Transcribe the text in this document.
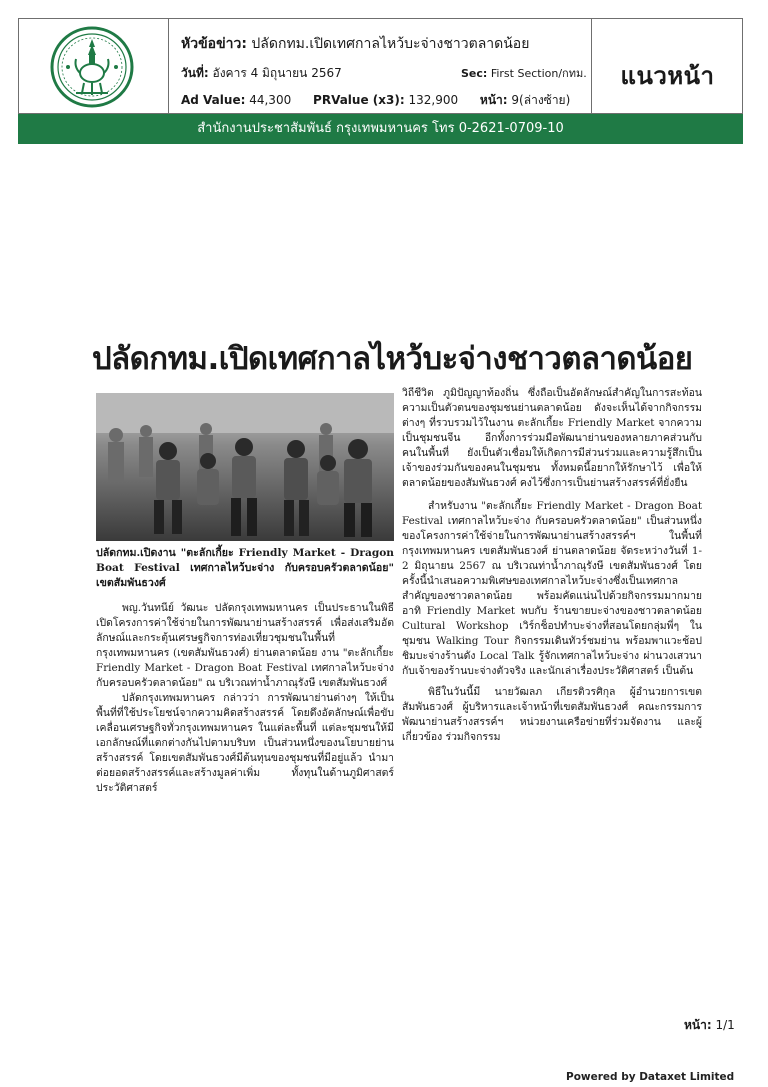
หัวข้อข่าว: ปลัดกทม.เปิดเทศกาลไหว้บะจ่างชาวตลาดน้อย
วันที่: อังคาร 4 มิถุนายน 2567	Sec: First Section/กทม.
Ad Value: 44,300 PRValue (x3): 132,900 หน้า: 9(ล่างซ้าย)
แนวหน้า
สำนักงานประชาสัมพันธ์ กรุงเทพมหานคร โทร 0-2621-0709-10
ปลัดกทม.เปิดเทศกาลไหว้บะจ่างชาวตลาดน้อย
ปลัดกทม.เปิดงาน "ตะลักเกี้ยะ Friendly Market - Dragon Boat Festival เทศกาลไหว้บะจ่าง กับครอบครัวตลาดน้อย" เขตสัมพันธวงศ์

พญ.วันทนีย์ วัฒนะ ปลัดกรุงเทพมหานคร เป็นประธานในพิธีเปิดโครงการค่าใช้จ่ายในการพัฒนาย่านสร้างสรรค์ เพื่อส่งเสริมอัตลักษณ์และกระตุ้นเศรษฐกิจการท่องเที่ยวชุมชนในพื้นที่กรุงเทพมหานคร (เขตสัมพันธวงศ์) ย่านตลาดน้อย งาน "ตะลักเกี้ยะ Friendly Market - Dragon Boat Festival เทศกาลไหว้บะจ่าง กับครอบครัวตลาดน้อย" ณ บริเวณท่าน้ำภาณุรังษี เขตสัมพันธวงศ์

ปลัดกรุงเทพมหานคร กล่าวว่า การพัฒนาย่านต่างๆ ให้เป็นพื้นที่ที่ใช้ประโยชน์จากความคิดสร้างสรรค์ โดยดึงอัตลักษณ์เพื่อขับเคลื่อนเศรษฐกิจทั่วกรุงเทพมหานคร ในแต่ละพื้นที่ แต่ละชุมชนให้มีเอกลักษณ์ที่แตกต่างกันไปตามบริบท เป็นส่วนหนึ่งของนโยบายย่านสร้างสรรค์ โดยเขตสัมพันธวงศ์มีต้นทุนของชุมชนที่มีอยู่แล้ว นำมาต่อยอดสร้างสรรค์และสร้างมูลค่าเพิ่ม ทั้งทุนในด้านภูมิศาสตร์ ประวัติศาสตร์

วิถีชีวิต ภูมิปัญญาท้องถิ่น ซึ่งถือเป็นอัตลักษณ์สำคัญในการสะท้อนความเป็นตัวตนของชุมชนย่านตลาดน้อย ดังจะเห็นได้จากกิจกรรมต่างๆ ที่รวบรวมไว้ในงาน ตะลักเกี้ยะ Friendly Market จากความเป็นชุมชนจีน อีกทั้งการร่วมมือพัฒนาย่านของหลายภาคส่วนกับคนในพื้นที่ ยังเป็นตัวเชื่อมให้เกิดการมีส่วนร่วมและความรู้สึกเป็นเจ้าของร่วมกันของคนในชุมชน ทั้งหมดนี้อยากให้รักษาไว้ เพื่อให้ตลาดน้อยของสัมพันธวงศ์ คงไว้ซึ่งการเป็นย่านสร้างสรรค์ที่ยั่งยืน

สำหรับงาน "ตะลักเกี้ยะ Friendly Market - Dragon Boat Festival เทศกาลไหว้บะจ่าง กับครอบครัวตลาดน้อย" เป็นส่วนหนึ่งของโครงการค่าใช้จ่ายในการพัฒนาย่านสร้างสรรค์ฯ ในพื้นที่กรุงเทพมหานคร เขตสัมพันธวงศ์ ย่านตลาดน้อย จัดระหว่างวันที่ 1-2 มิถุนายน 2567 ณ บริเวณท่าน้ำภาณุรังษี เขตสัมพันธวงศ์ โดยครั้งนี้นำเสนอความพิเศษของเทศกาลไหว้บะจ่างซึ่งเป็นเทศกาลสำคัญของชาวตลาดน้อย พร้อมคัดแน่นไปด้วยกิจกรรมมากมาย อาทิ Friendly Market พบกับ ร้านขายบะจ่างของชาวตลาดน้อย Cultural Workshop เวิร์กช็อปทำบะจ่างที่สอนโดยกลุ่มพี่ๆ ในชุมชน Walking Tour กิจกรรมเดินทัวร์ชมย่าน พร้อมพาแวะช้อปชิมบะจ่างร้านดัง Local Talk รู้จักเทศกาลไหว้บะจ่าง ผ่านวงเสวนากับเจ้าของร้านบะจ่างตัวจริง และนักเล่าเรื่องประวัติศาสตร์ เป็นต้น

พิธีในวันนี้มี นายวัฒลภ เกียรติวรศิกุล ผู้อำนวยการเขตสัมพันธวงศ์ ผู้บริหารและเจ้าหน้าที่เขตสัมพันธวงศ์ คณะกรรมการพัฒนาย่านสร้างสรรค์ฯ หน่วยงานเครือข่ายที่ร่วมจัดงาน และผู้เกี่ยวข้อง ร่วมกิจกรรม

หน้า: 1/1
Powered by Dataxet Limited
